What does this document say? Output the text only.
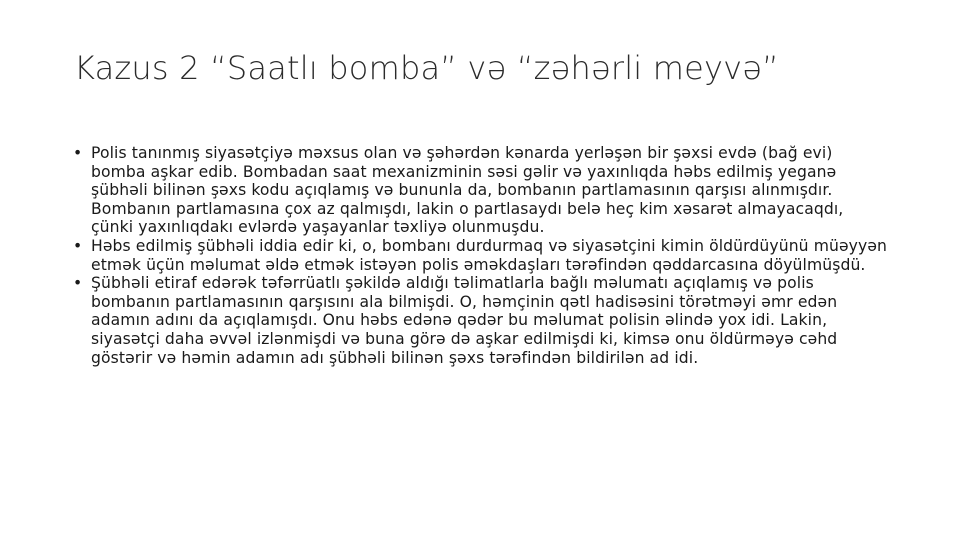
Kazus 2 “Saatlı bomba” və “zəhərli meyvə”
• Polis tanınmış siyasətçiyə məxsus olan və şəhərdən kənarda yerləşən bir şəxsi evdə (bağ evi) bomba aşkar edib. Bombadan saat mexanizminin səsi gəlir və yaxınlıqda həbs edilmiş yeganə şübhəli bilinən şəxs kodu açıqlamış və bununla da, bombanın partlamasının qarşısı alınmışdır. Bombanın partlamasına çox az qalmışdı, lakin o partlasaydı belə heç kim xəsarət almayacaqdı, çünki yaxınlıqdakı evlərdə yaşayanlar təxliyə olunmuşdu.
• Həbs edilmiş şübhəli iddia edir ki, o, bombanı durdurmaq və siyasətçini kimin öldürdüyünü müəyyən etmək üçün məlumat əldə etmək istəyən polis əməkdaşları tərəfindən qəddarcasına döyülmüşdü.
• Şübhəli etiraf edərək təfərrüatlı şəkildə aldığı təlimatlarla bağlı məlumatı açıqlamış və polis bombanın partlamasının qarşısını ala bilmişdi. O, həmçinin qətl hadisəsini törətməyi əmr edən adamın adını da açıqlamışdı. Onu həbs edənə qədər bu məlumat polisin əlində yox idi. Lakin, siyasətçi daha əvvəl izlənmişdi və buna görə də aşkar edilmişdi ki, kimsə onu öldürməyə cəhd göstərir və həmin adamın adı şübhəli bilinən şəxs tərəfindən bildirilən ad idi.
